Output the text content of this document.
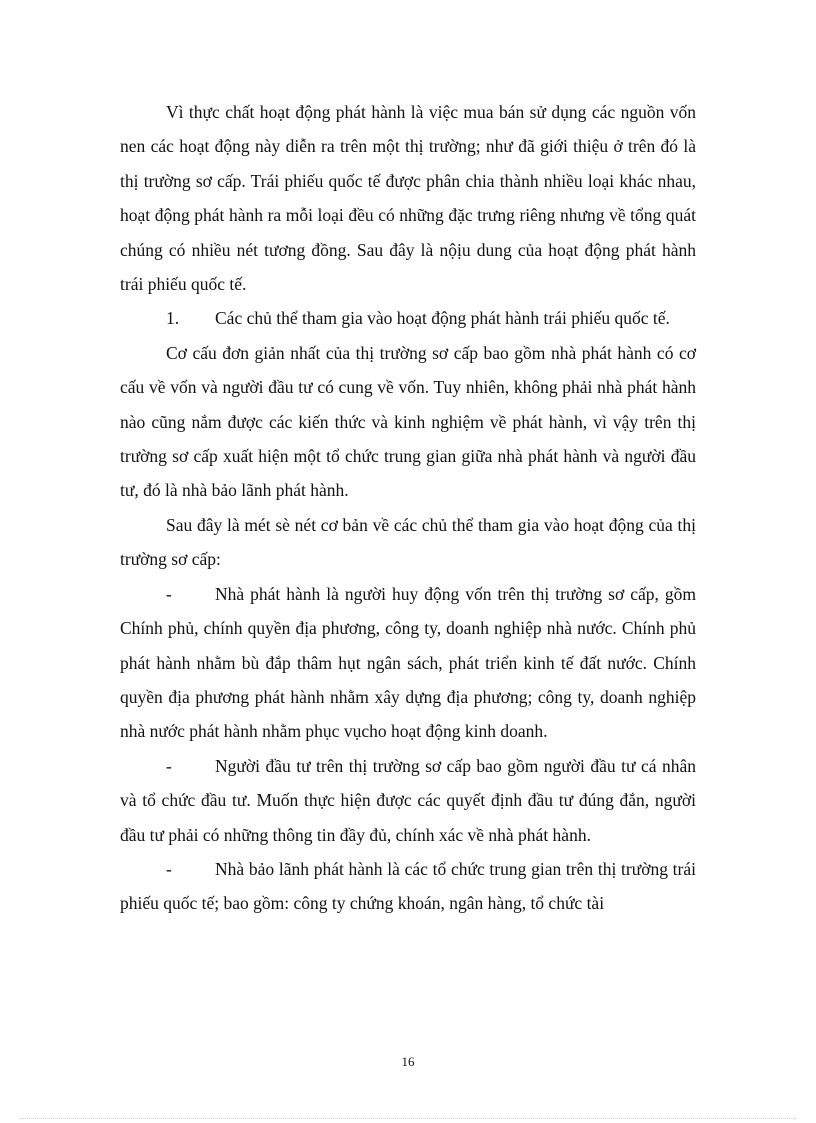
Vì thực chất hoạt động phát hành là việc mua bán sử dụng các nguồn vốn nen các hoạt động này diễn ra trên một thị trường; như đã giới thiệu ở trên đó là thị trường sơ cấp. Trái phiếu quốc tế được phân chia thành nhiều loại khác nhau, hoạt động phát hành ra mỗi loại đều có những đặc trưng riêng nhưng về tổng quát chúng có nhiều nét tương đồng. Sau đây là nộịu dung của hoạt động phát hành trái phiếu quốc tế.

1. Các chủ thể tham gia vào hoạt động phát hành trái phiếu quốc tế.

Cơ cấu đơn giản nhất của thị trường sơ cấp bao gồm nhà phát hành có cơ cấu về vốn và người đầu tư có cung về vốn. Tuy nhiên, không phải nhà phát hành nào cũng nắm được các kiến thức và kinh nghiệm về phát hành, vì vậy trên thị trường sơ cấp xuất hiện một tổ chức trung gian giữa nhà phát hành và người đầu tư, đó là nhà bảo lãnh phát hành.

Sau đây là mét sè nét cơ bản về các chủ thể tham gia vào hoạt động của thị trường sơ cấp:

- Nhà phát hành là người huy động vốn trên thị trường sơ cấp, gồm Chính phủ, chính quyền địa phương, công ty, doanh nghiệp nhà nước. Chính phủ phát hành nhằm bù đắp thâm hụt ngân sách, phát triển kinh tế đất nước. Chính quyền địa phương phát hành nhằm xây dựng địa phương; công ty, doanh nghiệp nhà nước phát hành nhằm phục vụcho hoạt động kinh doanh.

- Người đầu tư trên thị trường sơ cấp bao gồm người đầu tư cá nhân và tổ chức đầu tư. Muốn thực hiện được các quyết định đầu tư đúng đắn, người đầu tư phải có những thông tin đầy đủ, chính xác về nhà phát hành.

- Nhà bảo lãnh phát hành là các tổ chức trung gian trên thị trường trái phiếu quốc tế; bao gồm: công ty chứng khoán, ngân hàng, tổ chức tài

16
